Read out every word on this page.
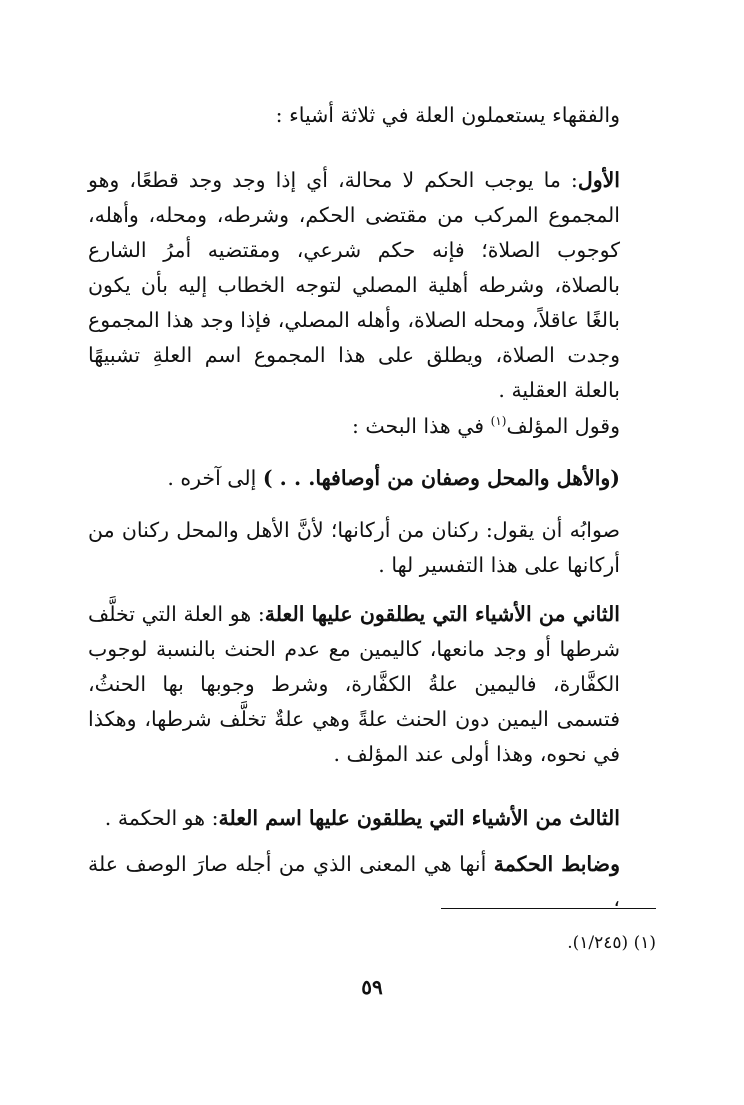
والفقهاء يستعملون العلة في ثلاثة أشياء :
الأول: ما يوجب الحكم لا محالة، أي إذا وجد وجد قطعًا، وهو المجموع المركب من مقتضى الحكم، وشرطه، ومحله، وأهله، كوجوب الصلاة؛ فإنه حكم شرعي، ومقتضيه أمرُ الشارع بالصلاة، وشرطه أهلية المصلي لتوجه الخطاب إليه بأن يكون بالغًا عاقلاً، ومحله الصلاة، وأهله المصلي، فإذا وجد هذا المجموع وجدت الصلاة، ويطلق على هذا المجموع اسم العلةِ تشبيهًا بالعلة العقلية .
وقول المؤلف$^{(١)}$ في هذا البحث :
(والأهل والمحل وصفان من أوصافها. . . ) إلى آخره .
صوابُه أن يقول: ركنان من أركانها؛ لأنَّ الأهل والمحل ركنان من أركانها على هذا التفسير لها .
الثاني من الأشياء التي يطلقون عليها العلة: هو العلة التي تخلَّف شرطها أو وجد مانعها، كاليمين مع عدم الحنث بالنسبة لوجوب الكفَّارة، فاليمين علةُ الكفَّارة، وشرط وجوبها بها الحنثُ، فتسمى اليمين دون الحنث علةً وهي علةٌ تخلَّف شرطها، وهكذا في نحوه، وهذا أولى عند المؤلف .
الثالث من الأشياء التي يطلقون عليها اسم العلة: هو الحكمة .
وضابط الحكمة أنها هي المعنى الذي من أجله صارَ الوصف علة ،
(١) (١/٢٤٥).
٥٩
